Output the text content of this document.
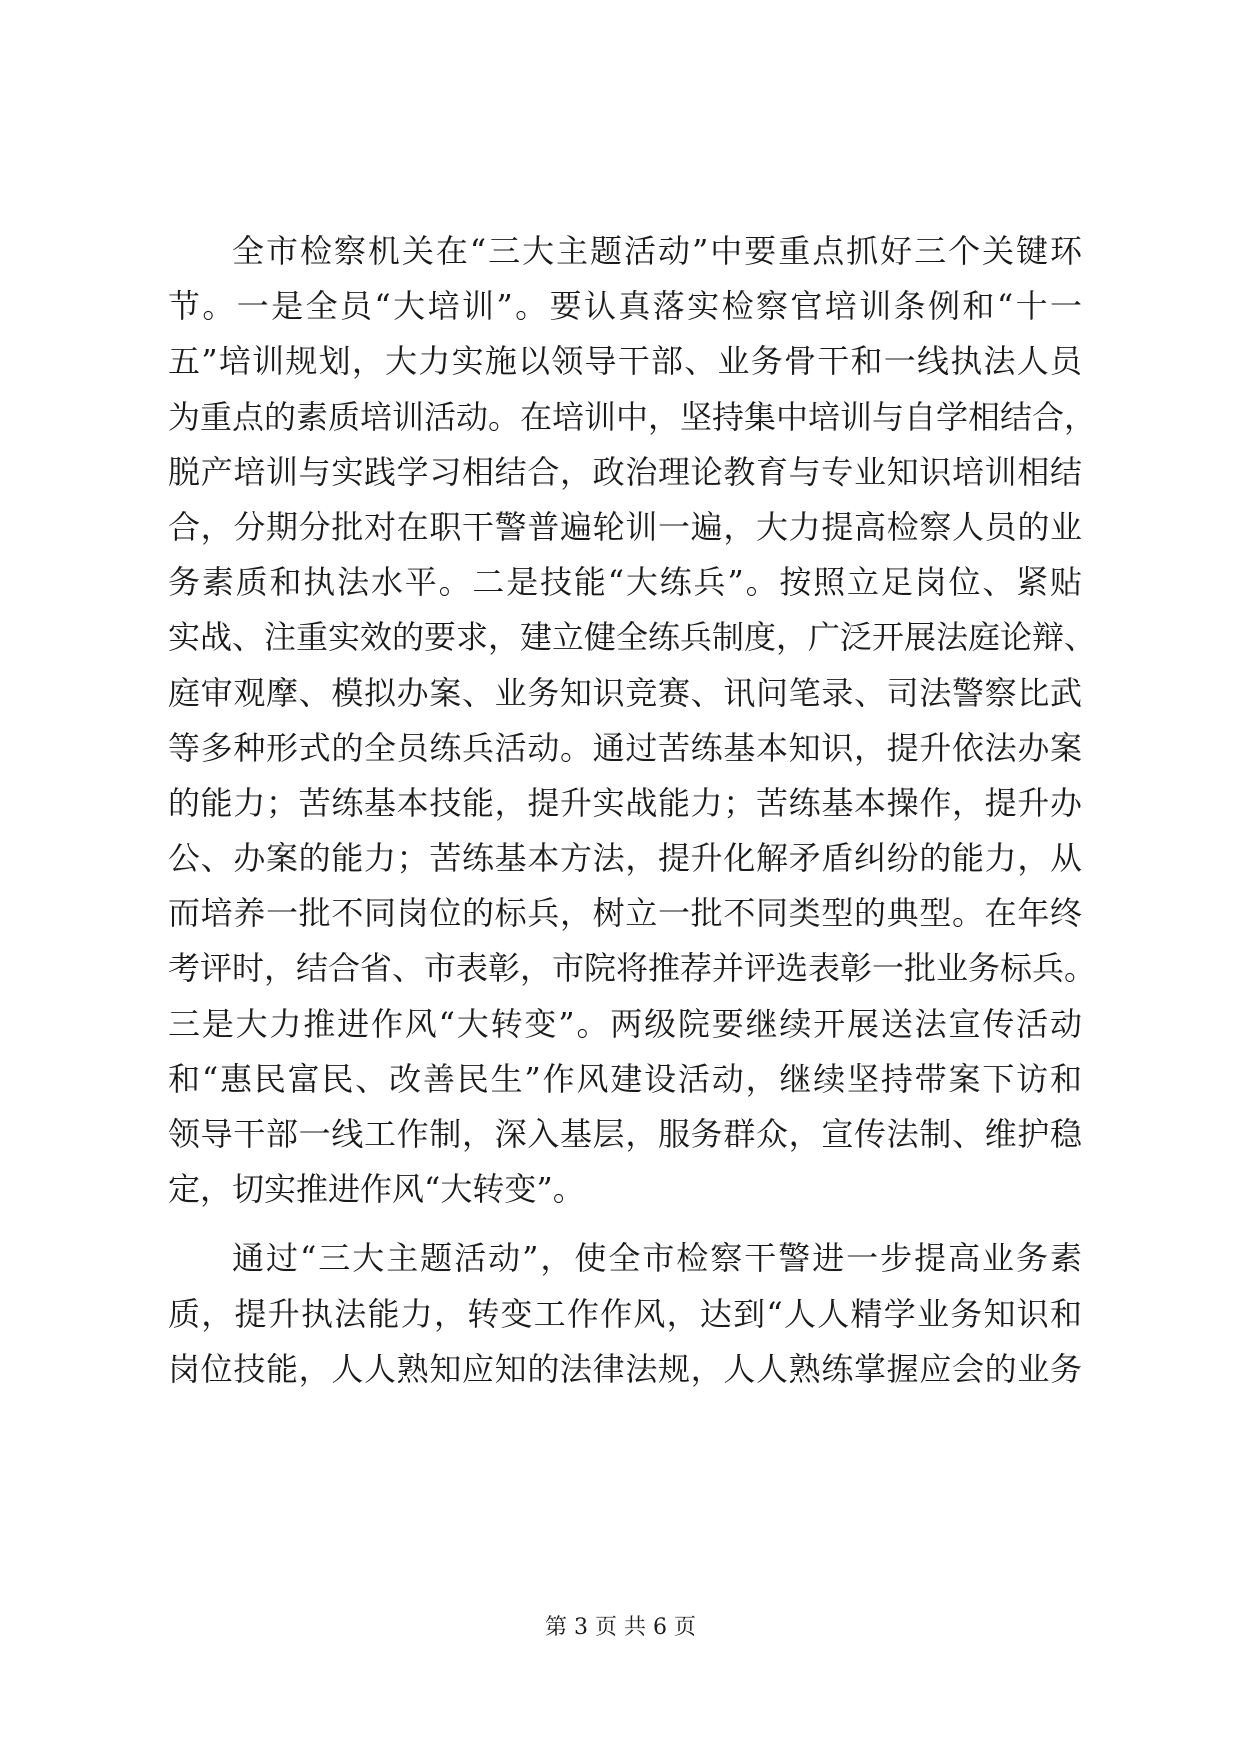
全市检察机关在“三大主题活动”中要重点抓好三个关键环
节。一是全员“大培训”。要认真落实检察官培训条例和“十一
五”培训规划，大力实施以领导干部、业务骨干和一线执法人员
为重点的素质培训活动。在培训中，坚持集中培训与自学相结合，
脱产培训与实践学习相结合，政治理论教育与专业知识培训相结
合，分期分批对在职干警普遍轮训一遍，大力提高检察人员的业
务素质和执法水平。二是技能“大练兵”。按照立足岗位、紧贴
实战、注重实效的要求，建立健全练兵制度，广泛开展法庭论辩、
庭审观摩、模拟办案、业务知识竞赛、讯问笔录、司法警察比武
等多种形式的全员练兵活动。通过苦练基本知识，提升依法办案
的能力；苦练基本技能，提升实战能力；苦练基本操作，提升办
公、办案的能力；苦练基本方法，提升化解矛盾纠纷的能力，从
而培养一批不同岗位的标兵，树立一批不同类型的典型。在年终
考评时，结合省、市表彰，市院将推荐并评选表彰一批业务标兵。
三是大力推进作风“大转变”。两级院要继续开展送法宣传活动
和“惠民富民、改善民生”作风建设活动，继续坚持带案下访和
领导干部一线工作制，深入基层，服务群众，宣传法制、维护稳
定，切实推进作风“大转变”。
通过“三大主题活动”，使全市检察干警进一步提高业务素
质，提升执法能力，转变工作作风，达到“人人精学业务知识和
岗位技能，人人熟知应知的法律法规，人人熟练掌握应会的业务
第 3 页 共 6 页
